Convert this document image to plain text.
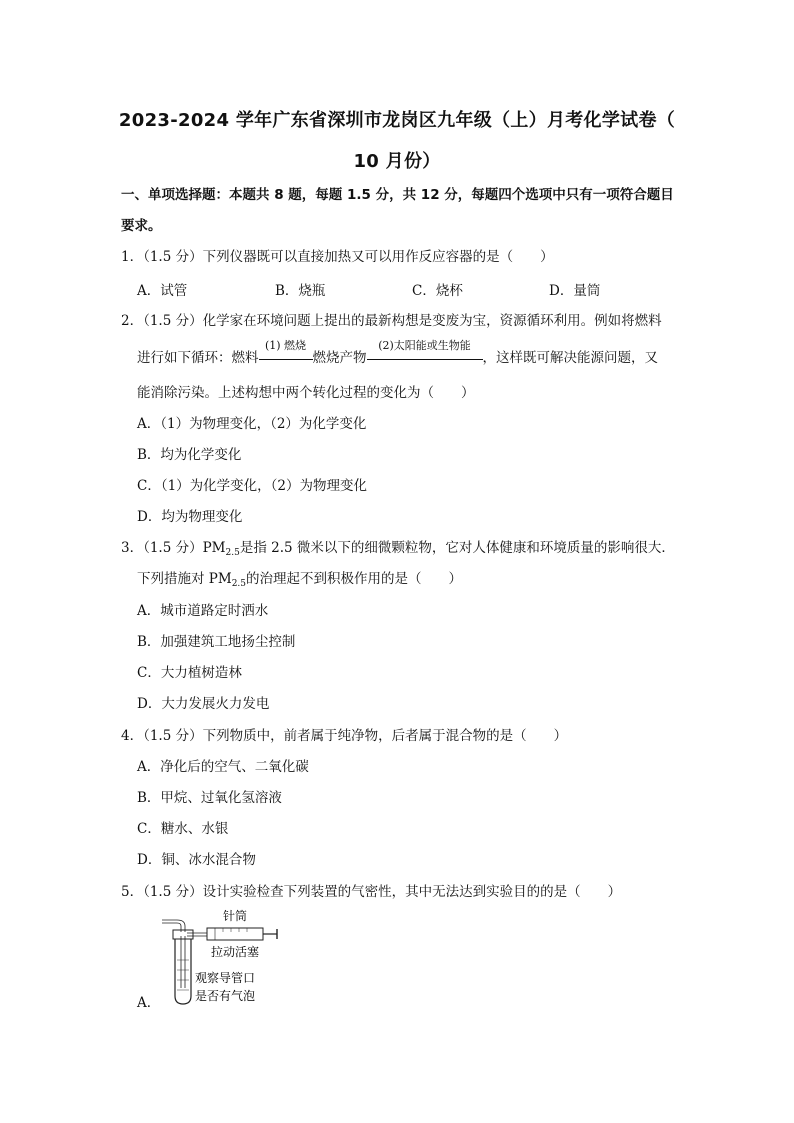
2023-2024 学年广东省深圳市龙岗区九年级（上）月考化学试卷（
10 月份）
一、单项选择题：本题共 8 题，每题 1.5 分，共 12 分，每题四个选项中只有一项符合题目
要求。
1．（1.5 分）下列仪器既可以直接加热又可以用作反应容器的是（　　）
A．试管	B．烧瓶	C．烧杯	D．量筒
2．（1.5 分）化学家在环境问题上提出的最新构想是变废为宝，资源循环利用。例如将燃料
进行如下循环：燃料
(1) 燃烧
燃烧产物
(2)太阳能或生物能
，这样既可解决能源问题，又
能消除污染。上述构想中两个转化过程的变化为（　　）
A．（1）为物理变化，（2）为化学变化
B．均为化学变化
C．（1）为化学变化，（2）为物理变化
D．均为物理变化
3．（1.5 分）$PM_{2.5}$是指 2.5 微米以下的细微颗粒物，它对人体健康和环境质量的影响很大．
下列措施对 $PM_{2.5}$的治理起不到积极作用的是（　　）
A．城市道路定时洒水
B．加强建筑工地扬尘控制
C．大力植树造林
D．大力发展火力发电
4．（1.5 分）下列物质中，前者属于纯净物，后者属于混合物的是（　　）
A．净化后的空气、二氧化碳
B．甲烷、过氧化氢溶液
C．糖水、水银
D．铜、冰水混合物
5．（1.5 分）设计实验检查下列装置的气密性，其中无法达到实验目的的是（　　）
针筒
拉动活塞
观察导管口
是否有气泡
A．
